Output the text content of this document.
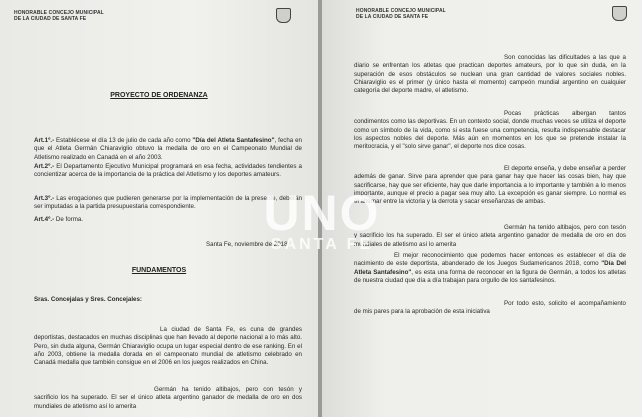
HONORABLE CONCEJO MUNICIPAL
DE LA CIUDAD DE SANTA FE
PROYECTO DE ORDENANZA
Art.1º.- Establécese el día 13 de julio de cada año como "Día del Atleta Santafesino", fecha en que el Atleta Germán Chiaraviglio obtuvo la medalla de oro en el Campeonato Mundial de Atletismo realizado en Canadá en el año 2003.
Art.2º.- El Departamento Ejecutivo Municipal programará en esa fecha, actividades tendientes a concientizar acerca de la importancia de la práctica del Atletismo y los deportes amateurs.
Art.3º.- Las erogaciones que pudieren generarse por la implementación de la presente, deberán ser imputadas a la partida presupuestaria correspondiente.
Art.4º.- De forma.
Santa Fe, noviembre de 2018.
FUNDAMENTOS
Sras. Concejalas y Sres. Concejales:
La ciudad de Santa Fe, es cuna de grandes deportistas, destacados en muchas disciplinas que han llevado al deporte nacional a lo más alto. Pero, sin duda alguna, Germán Chiaraviglio ocupa un lugar especial dentro de ese ranking. En el año 2003, obtiene la medalla dorada en el campeonato mundial de atletismo celebrado en Canadá medalla que también consigue en el 2006 en los juegos realizados en China.
Germán ha tenido altibajos, pero con tesón y sacrificio los ha superado. El ser el único atleta argentino ganador de medalla de oro en dos mundiales de atletismo así lo amerita
HONORABLE CONCEJO MUNICIPAL
DE LA CIUDAD DE SANTA FE
Son conocidas las dificultades a las que a diario se enfrentan los atletas que practican deportes amateurs, por lo que sin duda, en la superación de esos obstáculos se nuclean una gran cantidad de valores sociales nobles. Chiaraviglio es el primer (y único hasta el momento) campeón mundial argentino en cualquier categoría del deporte madre, el atletismo.
Pocas prácticas albergan tantos condimentos como las deportivas. En un contexto social, donde muchas veces se utiliza el deporte como un símbolo de la vida, como si esta fuese una competencia, resulta indispensable destacar los aspectos nobles del deporte. Más aún en momentos en los que se pretende instalar la meritocracia, y el "solo sirve ganar", el deporte nos dice cosas.
El deporte enseña, y debe enseñar a perder además de ganar. Sirve para aprender que para ganar hay que hacer las cosas bien, hay que sacrificarse, hay que ser eficiente, hay que darle importancia a lo importante y también a lo menos importante, aunque el precio a pagar sea muy alto. La excepción es ganar siempre. Lo normal es el alternar entre la victoria y la derrota y sacar enseñanzas de ambas.
Germán ha tenido altibajos, pero con tesón y sacrificio los ha superado. El ser el único atleta argentino ganador de medalla de oro en dos mundiales de atletismo así lo amerita
El mejor reconocimiento que podemos hacer entonces es establecer el día de nacimiento de este deportista, abanderado de los Juegos Sudamericanos 2018, como "Día Del Atleta Santafesino", es esta una forma de reconocer en la figura de Germán, a todos los atletas de nuestra ciudad que día a día trabajan para orgullo de los santafesinos.
Por todo esto, solicito el acompañamiento de mis pares para la aprobación de esta iniciativa
UNO
SANTA FE
